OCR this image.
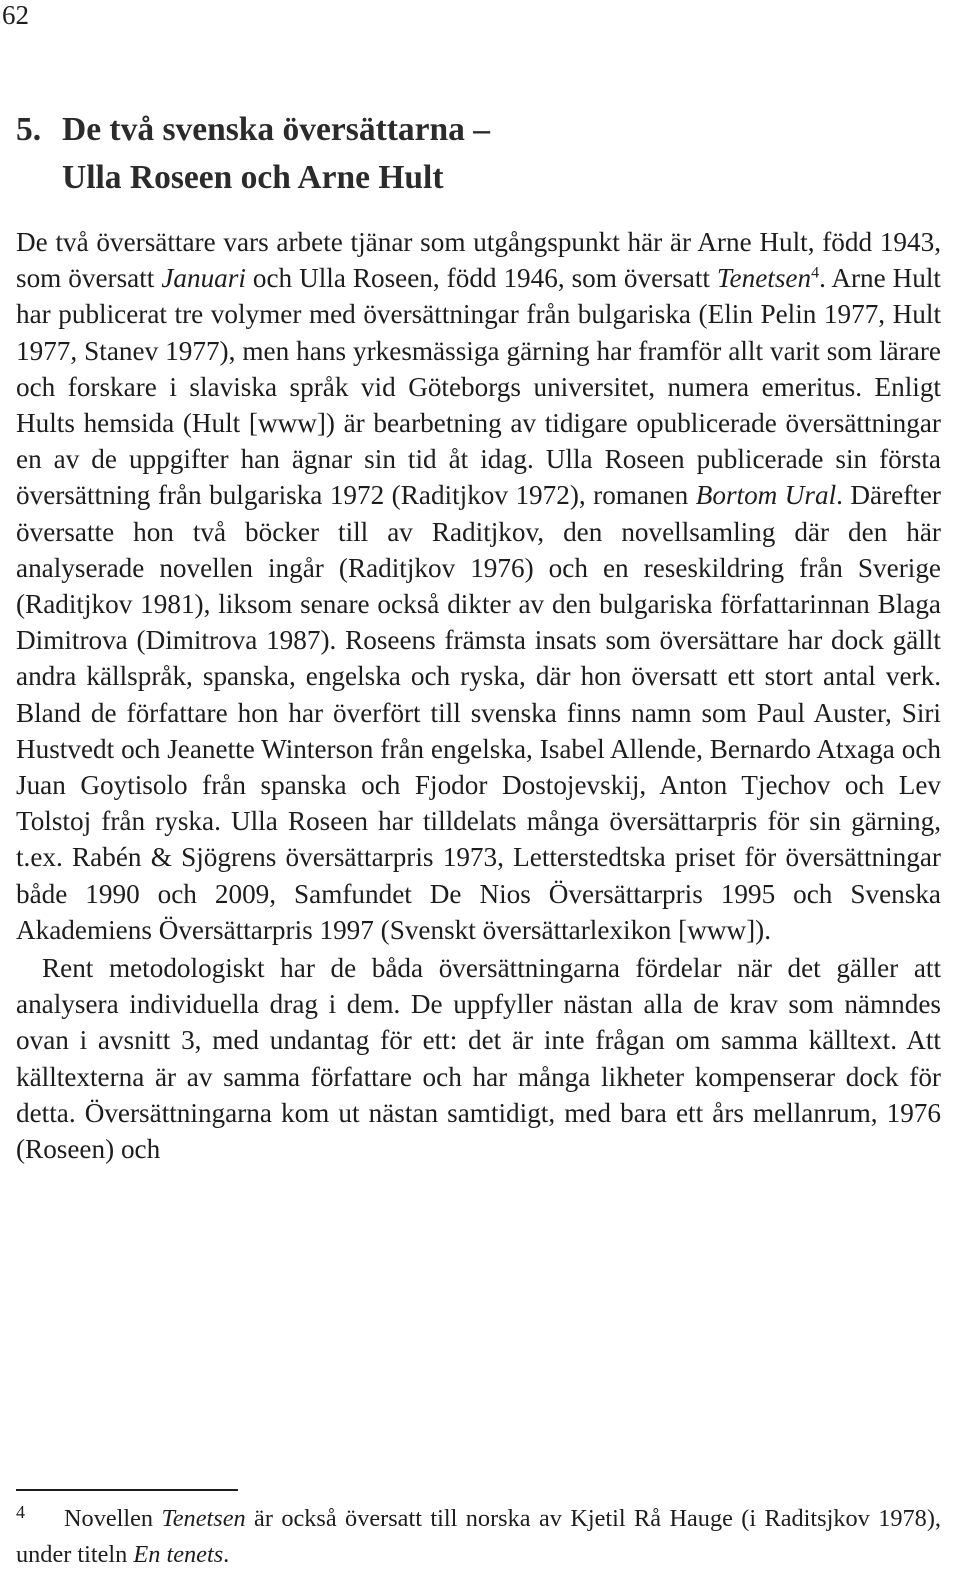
62
5. De två svenska översättarna –
Ulla Roseen och Arne Hult

De två översättare vars arbete tjänar som utgångspunkt här är Arne Hult, född 1943, som översatt Januari och Ulla Roseen, född 1946, som översatt Tenetsen$^4$. Arne Hult har publicerat tre volymer med översättningar från bulgariska (Elin Pelin 1977, Hult 1977, Stanev 1977), men hans yrkesmässiga gärning har framför allt varit som lärare och forskare i slaviska språk vid Göteborgs universitet, numera emeritus. Enligt Hults hemsida (Hult [www]) är bearbetning av tidigare opublicerade översättningar en av de uppgifter han ägnar sin tid åt idag. Ulla Roseen publicerade sin första översättning från bulgariska 1972 (Raditjkov 1972), romanen Bortom Ural. Därefter översatte hon två böcker till av Raditjkov, den novellsamling där den här analyserade novellen ingår (Raditjkov 1976) och en reseskildring från Sverige (Raditjkov 1981), liksom senare också dikter av den bulgariska författarinnan Blaga Dimitrova (Dimitrova 1987). Roseens främsta insats som översättare har dock gällt andra källspråk, spanska, engelska och ryska, där hon översatt ett stort antal verk. Bland de författare hon har överfört till svenska finns namn som Paul Auster, Siri Hustvedt och Jeanette Winterson från engelska, Isabel Allende, Bernardo Atxaga och Juan Goytisolo från spanska och Fjodor Dostojevskij, Anton Tjechov och Lev Tolstoj från ryska. Ulla Roseen har tilldelats många översättarpris för sin gärning, t.ex. Rabén & Sjögrens översättarpris 1973, Letterstedtska priset för översättningar både 1990 och 2009, Samfundet De Nios Översättarpris 1995 och Svenska Akademiens Översättarpris 1997 (Svenskt översättarlexikon [www]).

Rent metodologiskt har de båda översättningarna fördelar när det gäller att analysera individuella drag i dem. De uppfyller nästan alla de krav som nämndes ovan i avsnitt 3, med undantag för ett: det är inte frågan om samma källtext. Att källtexterna är av samma författare och har många likheter kompenserar dock för detta. Översättningarna kom ut nästan samtidigt, med bara ett års mellanrum, 1976 (Roseen) och

4 Novellen Tenetsen är också översatt till norska av Kjetil Rå Hauge (i Raditsjkov 1978), under titeln En tenets.
